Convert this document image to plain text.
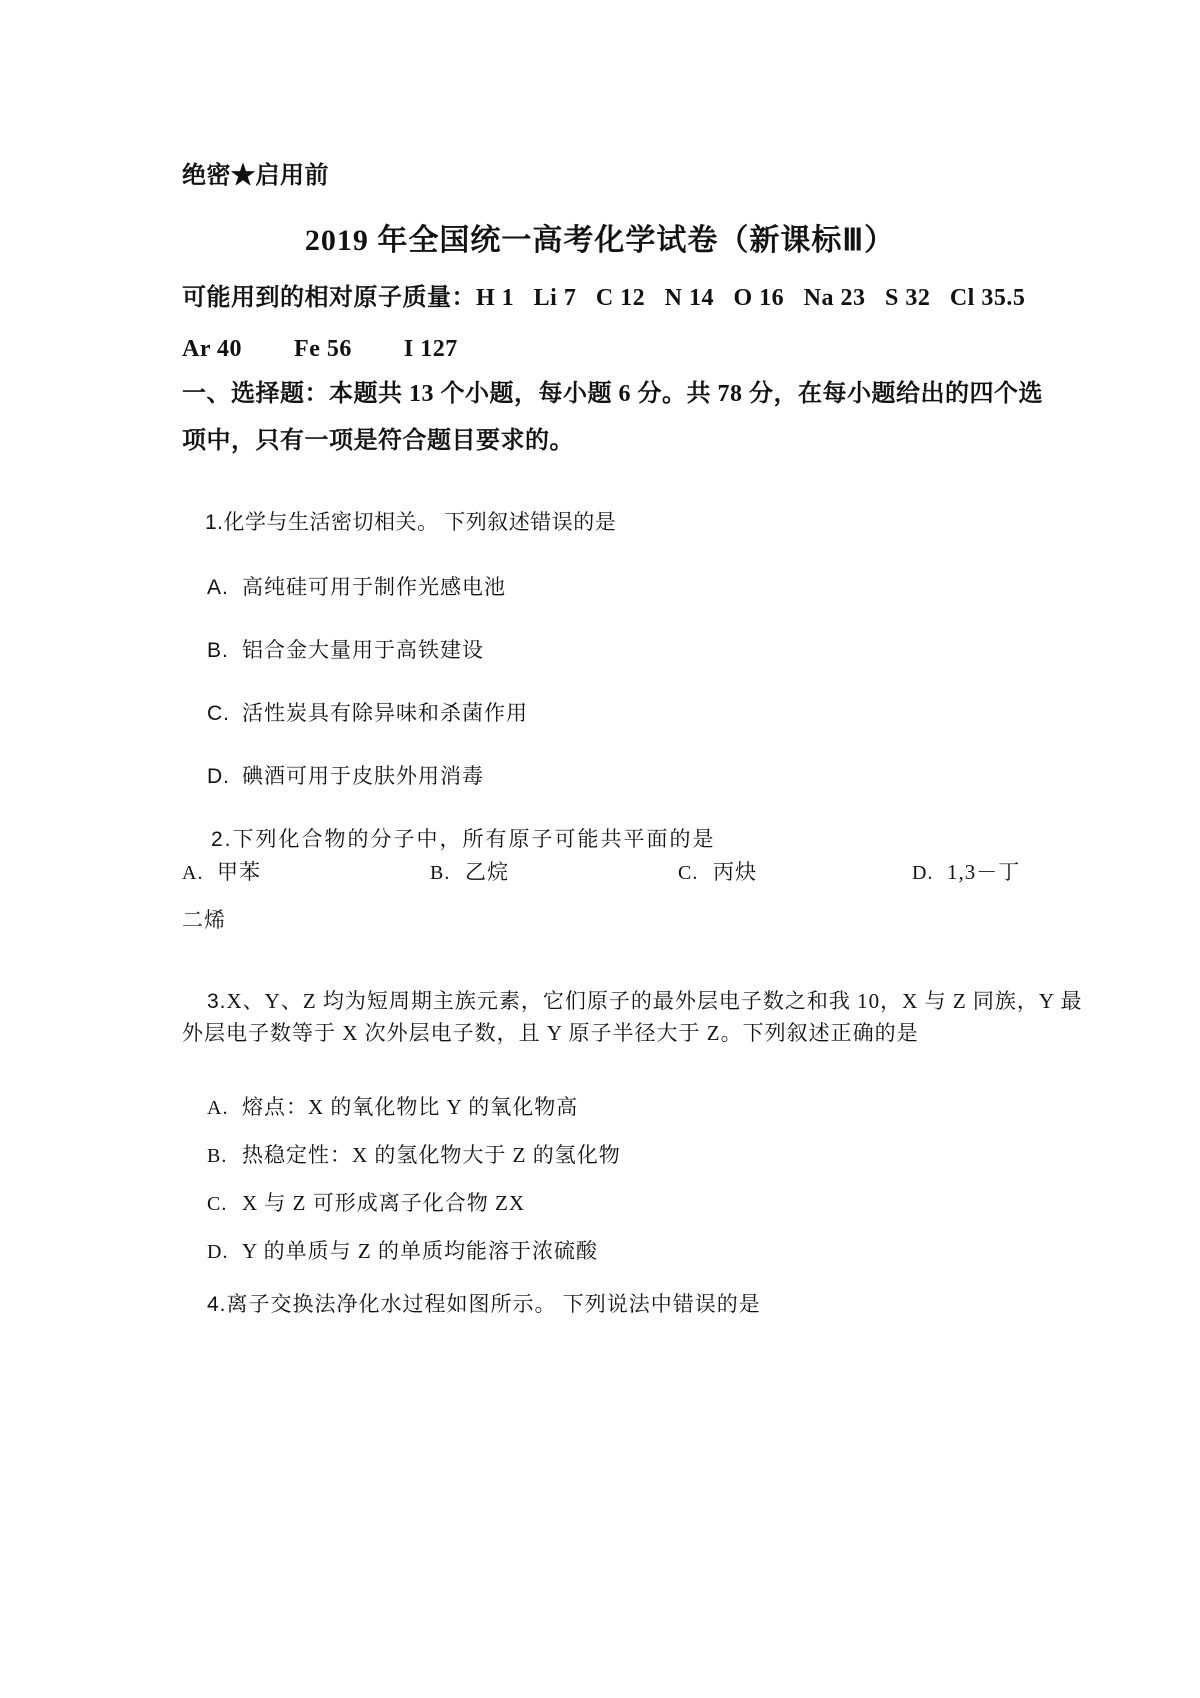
绝密★启用前
2019 年全国统一高考化学试卷（新课标Ⅲ）
可能用到的相对原子质量：H 1   Li 7   C 12   N 14   O 16   Na 23   S 32   Cl 35.5
Ar 40        Fe 56        I 127
一、选择题：本题共 13 个小题，每小题 6 分。共 78 分，在每小题给出的四个选
项中，只有一项是符合题目要求的。

1.化学与生活密切相关。 下列叙述错误的是

A. 高纯硅可用于制作光感电池

B. 铝合金大量用于高铁建设

C. 活性炭具有除异味和杀菌作用

D. 碘酒可用于皮肤外用消毒

2.下列化合物的分子中，所有原子可能共平面的是

A. 甲苯

	B. 乙烷

	C. 丙炔

	D. 1,3－丁

二烯

3.X、Y、Z 均为短周期主族元素，它们原子的最外层电子数之和我 10，X 与 Z 同族，Y 最

外层电子数等于 X 次外层电子数，且 Y 原子半径大于 Z。下列叙述正确的是

A. 熔点：X 的氧化物比 Y 的氧化物高

B. 热稳定性：X 的氢化物大于 Z 的氢化物

C. X 与 Z 可形成离子化合物 ZX

D. Y 的单质与 Z 的单质均能溶于浓硫酸

4.离子交换法净化水过程如图所示。 下列说法中错误的是
